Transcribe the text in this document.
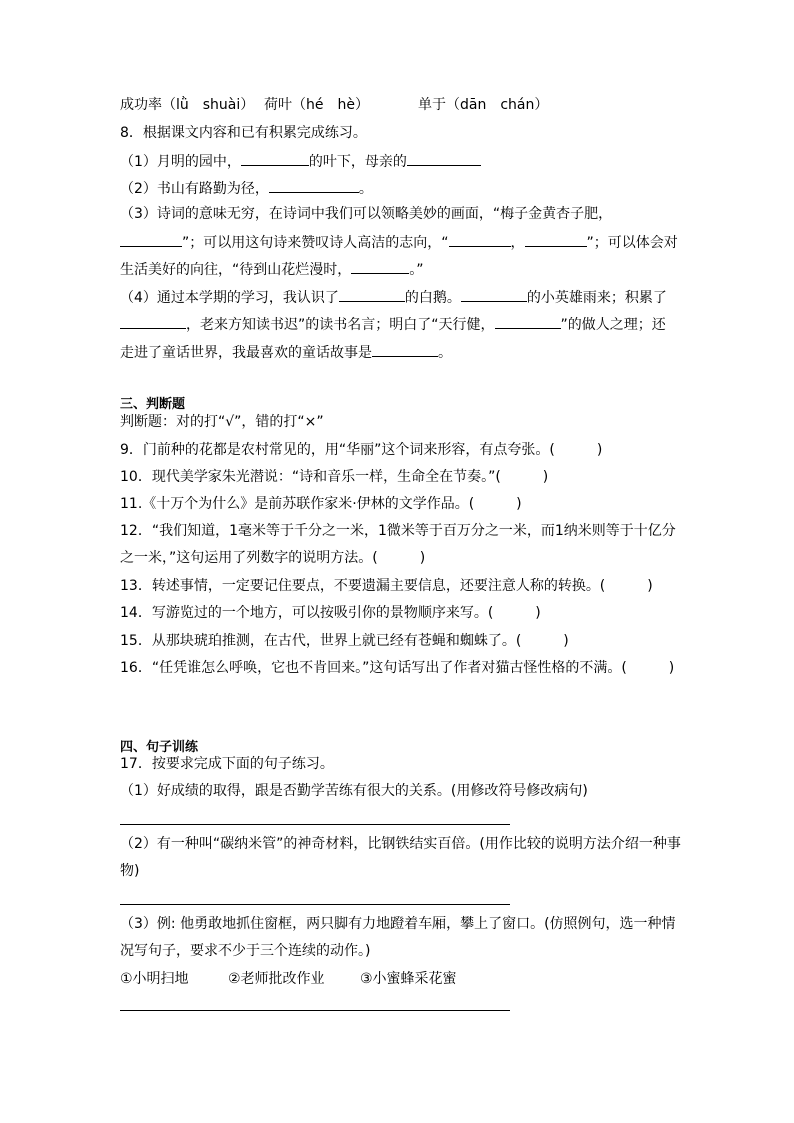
成功率（lǜ　shuài） 荷叶（hé　hè）	单于（dān　chán）
8．根据课文内容和已有积累完成练习。
（1）月明的园中，	的叶下，母亲的
（2）书山有路勤为径，	。
（3）诗词的意味无穷，在诗词中我们可以领略美妙的画面，“梅子金黄杏子肥，
”；可以用这句诗来赞叹诗人高洁的志向，“	，	”；可以体会对
生活美好的向往，“待到山花烂漫时，	。”
（4）通过本学期的学习，我认识了	的白鹅。	的小英雄雨来；积累了
，老来方知读书迟”的读书名言；明白了“天行健，	”的做人之理；还
走进了童话世界，我最喜欢的童话故事是	。
三、判断题
判断题：对的打“√”，错的打“×”
9．门前种的花都是农村常见的，用“华丽”这个词来形容，有点夸张。(　　　)
10．现代美学家朱光潜说：“诗和音乐一样，生命全在节奏。”(　　　)
11.《十万个为什么》是前苏联作家米·伊林的文学作品。(　　　)
12．“我们知道，1毫米等于千分之一米，1微米等于百万分之一米，而1纳米则等于十亿分
之一米，”这句运用了列数字的说明方法。(　　　)
13．转述事情，一定要记住要点，不要遗漏主要信息，还要注意人称的转换。(　　　)
14．写游览过的一个地方，可以按吸引你的景物顺序来写。(　　　)
15．从那块琥珀推测，在古代，世界上就已经有苍蝇和蜘蛛了。(　　　)
16．“任凭谁怎么呼唤，它也不肯回来。”这句话写出了作者对猫古怪性格的不满。(　　　)
四、句子训练
17．按要求完成下面的句子练习。
（1）好成绩的取得，跟是否勤学苦练有很大的关系。(用修改符号修改病句)
（2）有一种叫“碳纳米管”的神奇材料，比钢铁结实百倍。(用作比较的说明方法介绍一种事
物)
（3）例: 他勇敢地抓住窗框，两只脚有力地蹬着车厢，攀上了窗口。(仿照例句，选一种情
况写句子，要求不少于三个连续的动作。)
①小明扫地	②老师批改作业	③小蜜蜂采花蜜
